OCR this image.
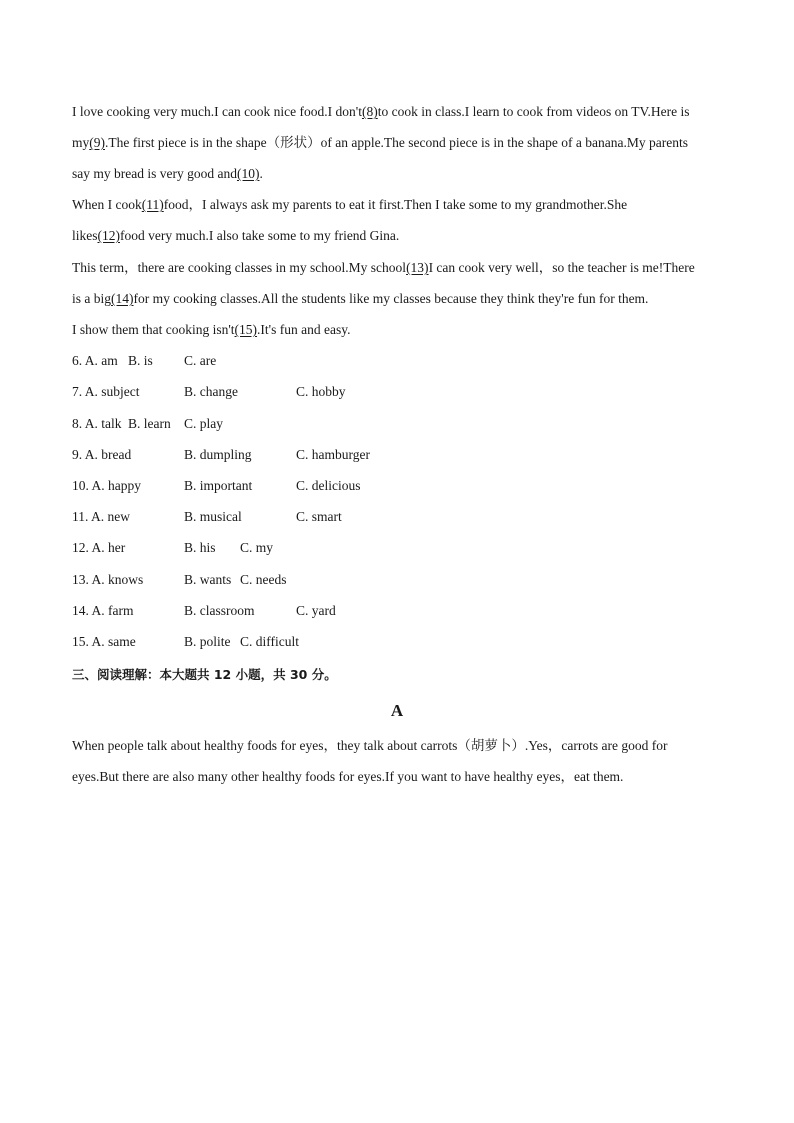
I love cooking very much.I can cook nice food.I don't(8)to cook in class.I learn to cook from videos on TV.Here is
my(9).The first piece is in the shape（形状）of an apple.The second piece is in the shape of a banana.My parents
say my bread is very good and(10).
When I cook(11)food，I always ask my parents to eat it first.Then I take some to my grandmother.She
likes(12)food very much.I also take some to my friend Gina.
This term，there are cooking classes in my school.My school(13)I can cook very well，so the teacher is me!There
is a big(14)for my cooking classes.All the students like my classes because they think they're fun for them.
I show them that cooking isn't(15).It's fun and easy.
6. A. am B. is C. are
7. A. subject	B. change	C. hobby
8. A. talk B. learn C. play
9. A. bread	B. dumpling	C. hamburger
10. A. happy	B. important	C. delicious
11. A. new	B. musical	C. smart
12. A. her	B. his C. my
13. A. knows	B. wants C. needs
14. A. farm	B. classroom	C. yard
15. A. same	B. polite C. difficult
三、阅读理解：本大题共 12 小题，共 30 分。
A
When people talk about healthy foods for eyes，they talk about carrots（胡萝卜）.Yes，carrots are good for
eyes.But there are also many other healthy foods for eyes.If you want to have healthy eyes，eat them.
